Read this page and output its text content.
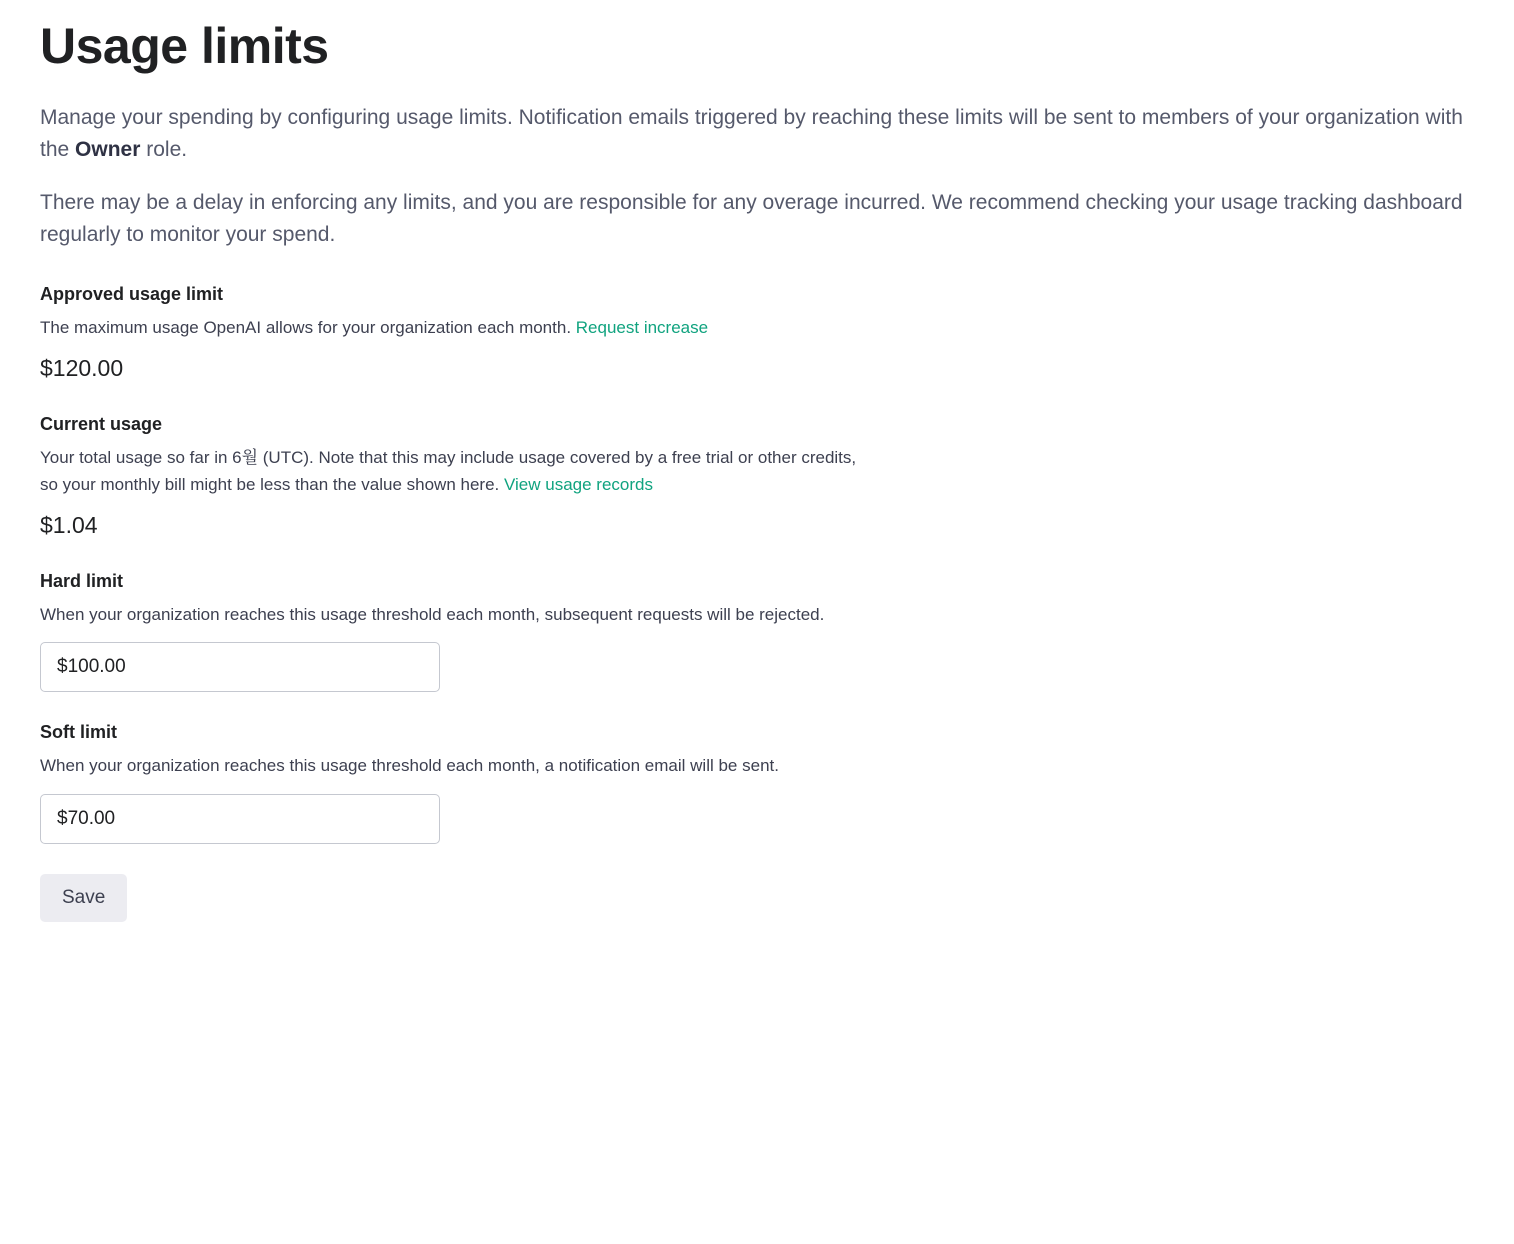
Usage limits

Manage your spending by configuring usage limits. Notification emails triggered by reaching these limits will be sent to members of your organization with the Owner role.

There may be a delay in enforcing any limits, and you are responsible for any overage incurred. We recommend checking your usage tracking dashboard regularly to monitor your spend.

Approved usage limit
The maximum usage OpenAI allows for your organization each month. Request increase
$120.00
Current usage
Your total usage so far in 6월 (UTC). Note that this may include usage covered by a free trial or other credits,
so your monthly bill might be less than the value shown here. View usage records
$1.04
Hard limit
When your organization reaches this usage threshold each month, subsequent requests will be rejected.
$100.00
Soft limit
When your organization reaches this usage threshold each month, a notification email will be sent.
$70.00
Save
